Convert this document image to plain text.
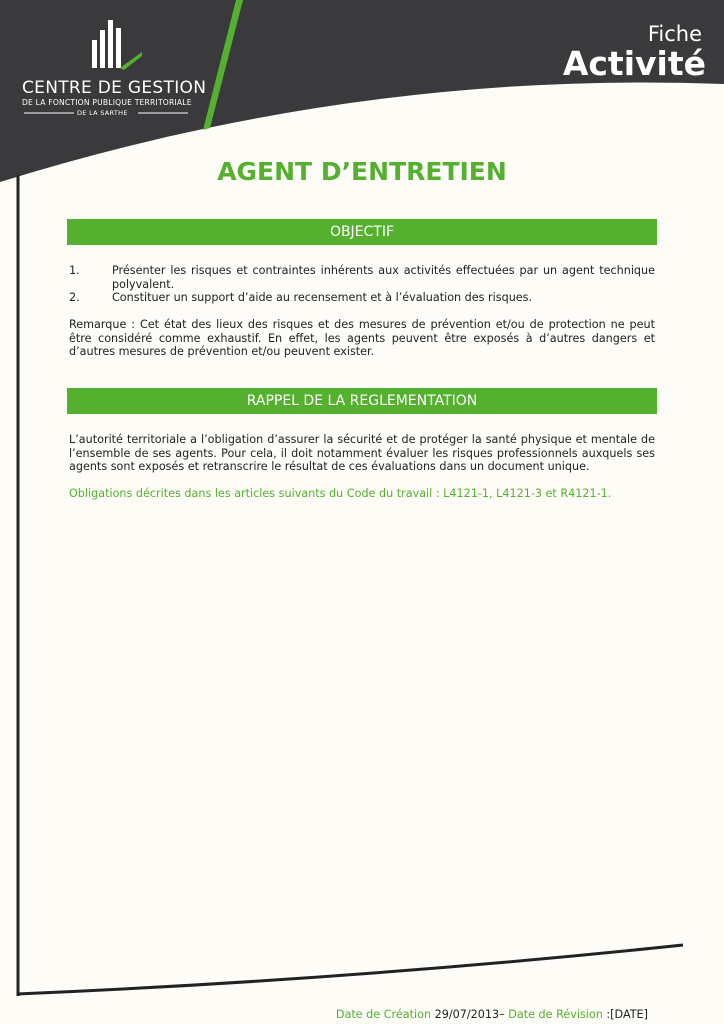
CENTRE DE GESTION
DE LA FONCTION PUBLIQUE TERRITORIALE
DE LA SARTHE
Fiche
Activité
AGENT D’ENTRETIEN
OBJECTIF
1.	Présenter les risques et contraintes inhérents aux activités effectuées par un agent technique polyvalent.
2.	Constituer un support d’aide au recensement et à l’évaluation des risques.
Remarque : Cet état des lieux des risques et des mesures de prévention et/ou de protection ne peut être considéré comme exhaustif. En effet, les agents peuvent être exposés à d’autres dangers et d’autres mesures de prévention et/ou peuvent exister.
RAPPEL DE LA REGLEMENTATION
L’autorité territoriale a l’obligation d’assurer la sécurité et de protéger la santé physique et mentale de l’ensemble de ses agents. Pour cela, il doit notamment évaluer les risques professionnels auxquels ses agents sont exposés et retranscrire le résultat de ces évaluations dans un document unique.
Obligations décrites dans les articles suivants du Code du travail : L4121-1, L4121-3 et R4121-1.
Date de Création 29/07/2013– Date de Révision :[DATE]
